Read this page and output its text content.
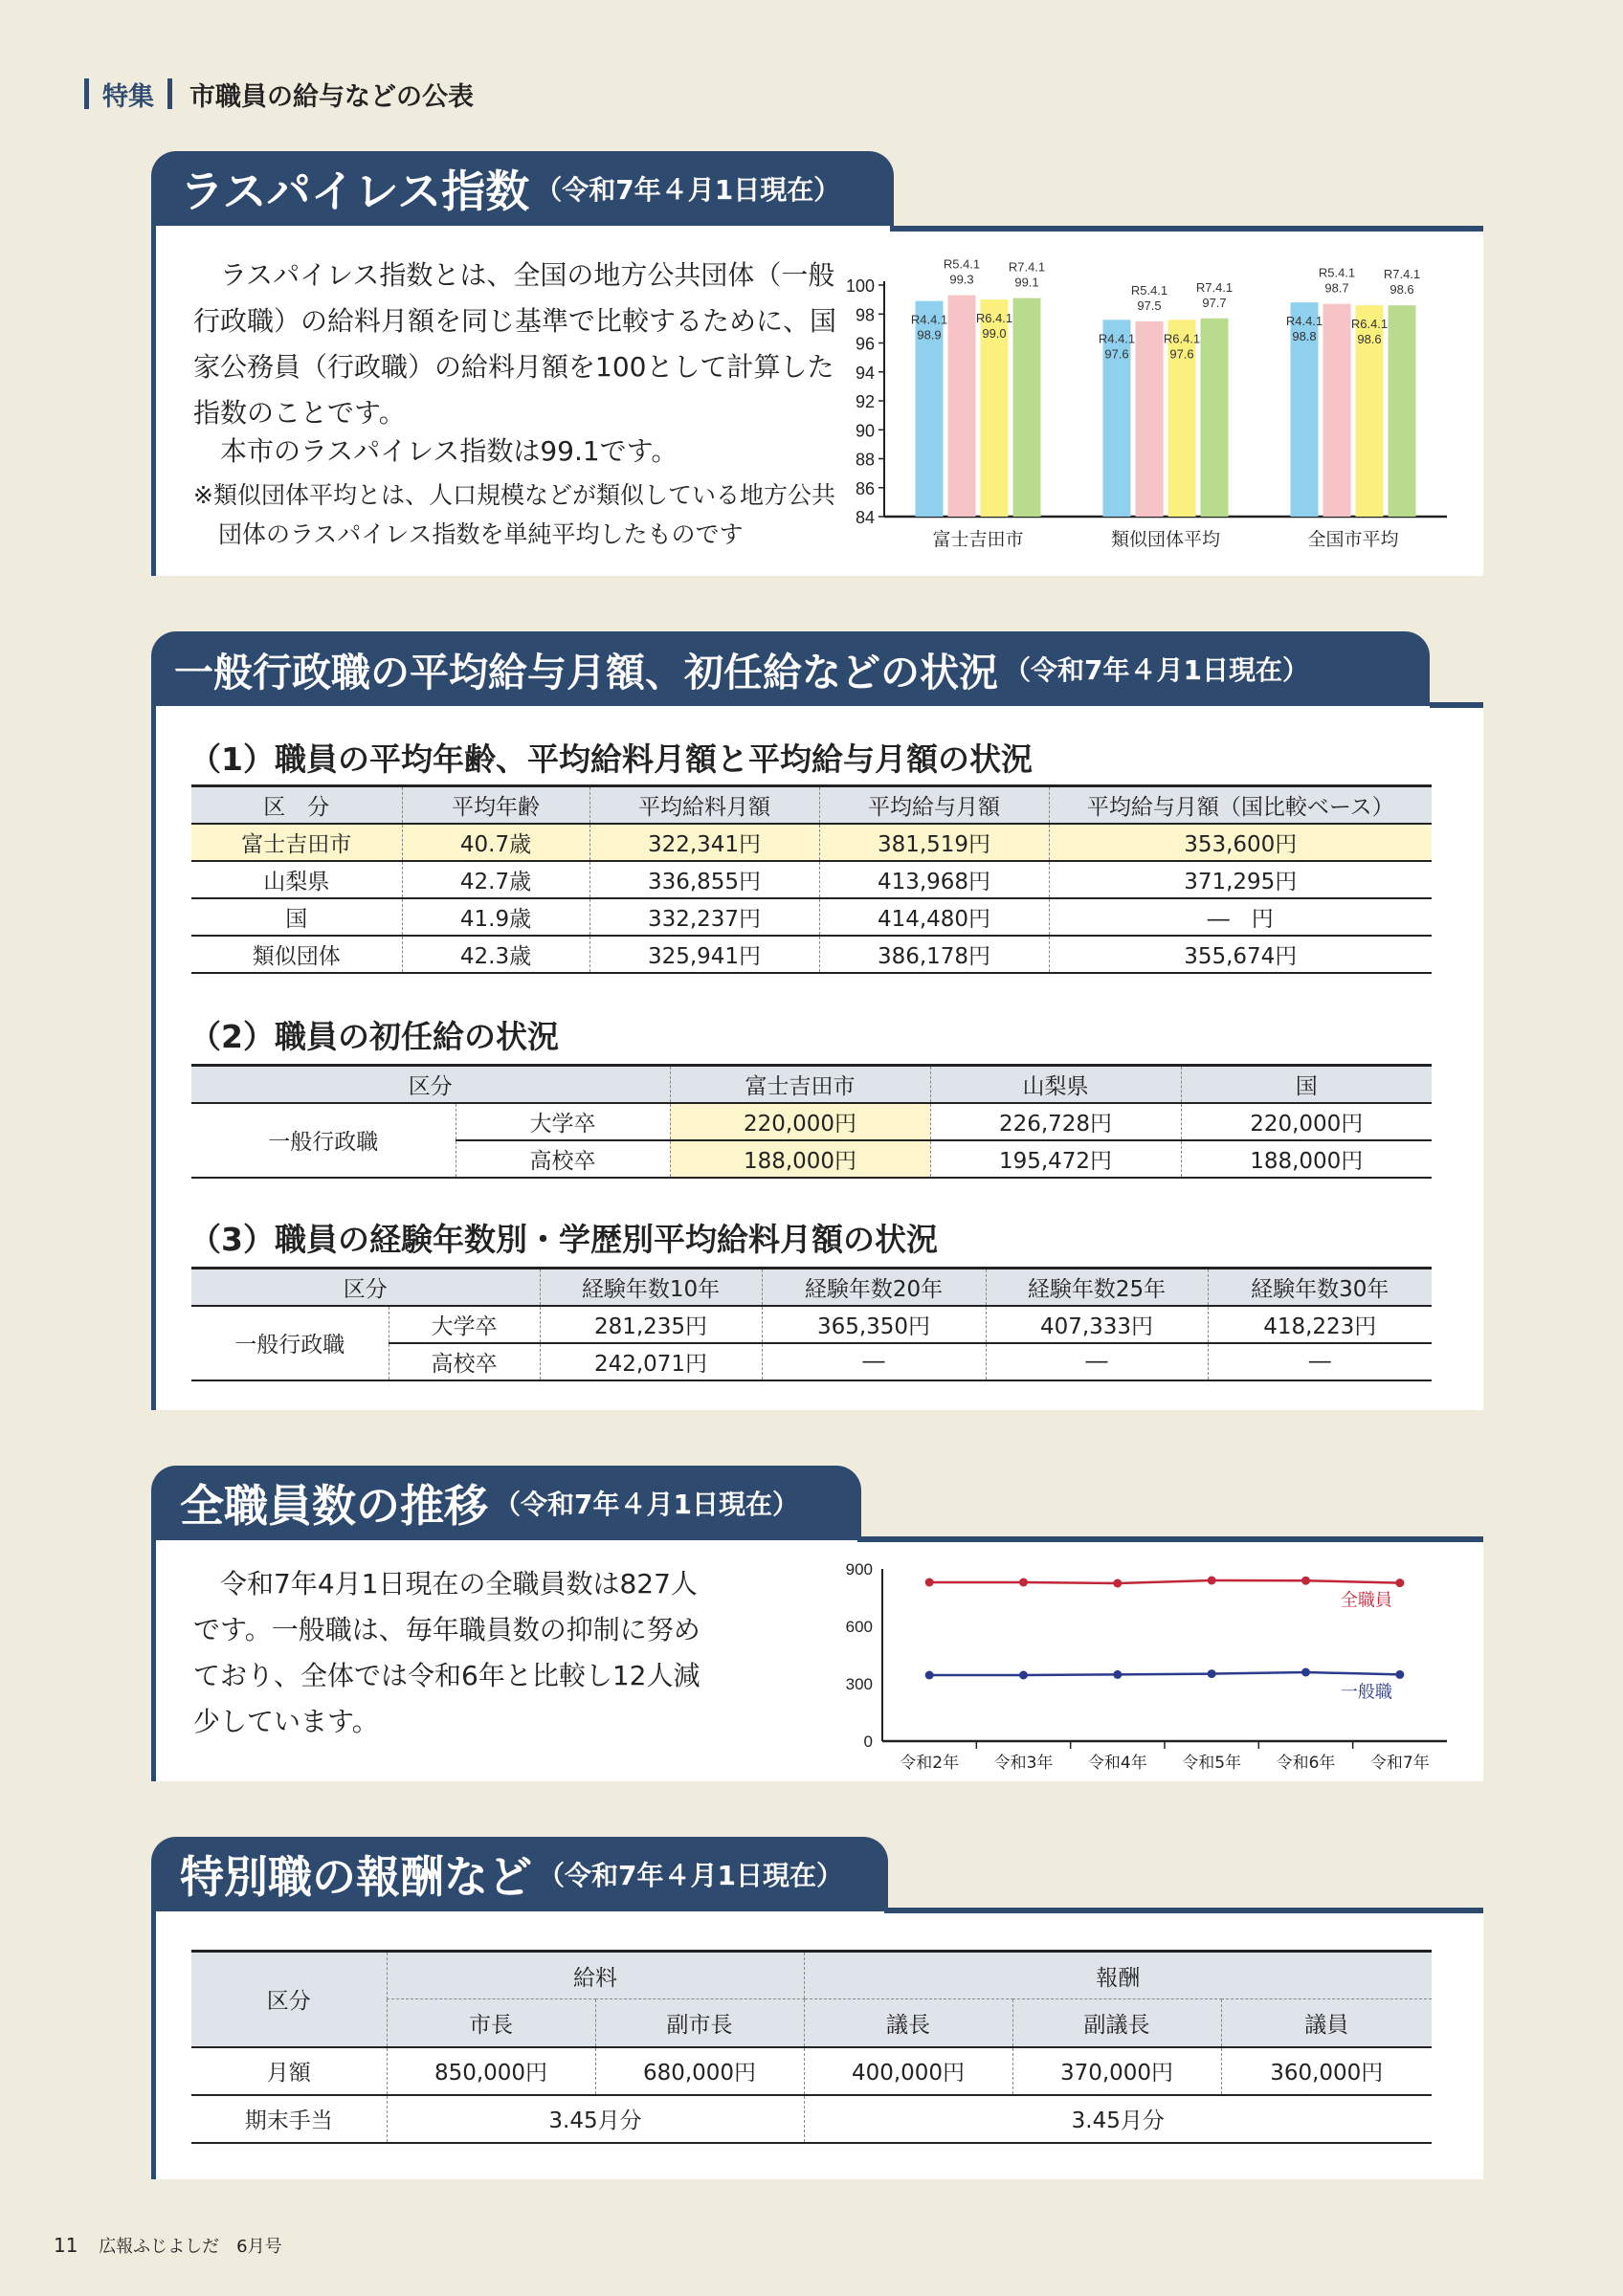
特集 市職員の給与などの公表
ラスパイレス指数 （令和7年４月1日現在）
ラスパイレス指数とは、全国の地方公共団体（一般行政職）の給料月額を同じ基準で比較するために、国家公務員（行政職）の給料月額を100として計算した指数のことです。
本市のラスパイレス指数は99.1です。
※類似団体平均とは、人口規模などが類似している地方公共団体のラスパイレス指数を単純平均したものです
84
86
88
90
92
94
96
98
100
R4.4.1
98.9
R5.4.1
99.3
R6.4.1
99.0
R7.4.1
99.1
富士吉田市
R4.4.1
97.6
R5.4.1
97.5
R6.4.1
97.6
R7.4.1
97.7
類似団体平均
R4.4.1
98.8
R5.4.1
98.7
R6.4.1
98.6
R7.4.1
98.6
全国市平均
一般行政職の平均給与月額、初任給などの状況 （令和7年４月1日現在）
（1）職員の平均年齢、平均給料月額と平均給与月額の状況
区　分	平均年齢	平均給料月額	平均給与月額	平均給与月額（国比較ベース）
富士吉田市	40.7歳	322,341円	381,519円	353,600円
山梨県	42.7歳	336,855円	413,968円	371,295円
国	41.9歳	332,237円	414,480円	―　円
類似団体	42.3歳	325,941円	386,178円	355,674円
（2）職員の初任給の状況
区分		富士吉田市	山梨県	国
一般行政職	大学卒	220,000円	226,728円	220,000円
	高校卒	188,000円	195,472円	188,000円
（3）職員の経験年数別・学歴別平均給料月額の状況
区分		経験年数10年	経験年数20年	経験年数25年	経験年数30年
一般行政職	大学卒	281,235円	365,350円	407,333円	418,223円
	高校卒	242,071円	―	―	―
全職員数の推移 （令和7年４月1日現在）
令和7年4月1日現在の全職員数は827人です。一般職は、毎年職員数の抑制に努めており、全体では令和6年と比較し12人減少しています。
0
300
600
900
令和2年 令和3年 令和4年 令和5年 令和6年 令和7年
全職員
一般職
特別職の報酬など （令和7年４月1日現在）
区分	給料		報酬		
	市長	副市長	議長	副議長	議員
月額	850,000円	680,000円	400,000円	370,000円	360,000円
期末手当	3.45月分		3.45月分		
11 広報ふじよしだ　6月号
